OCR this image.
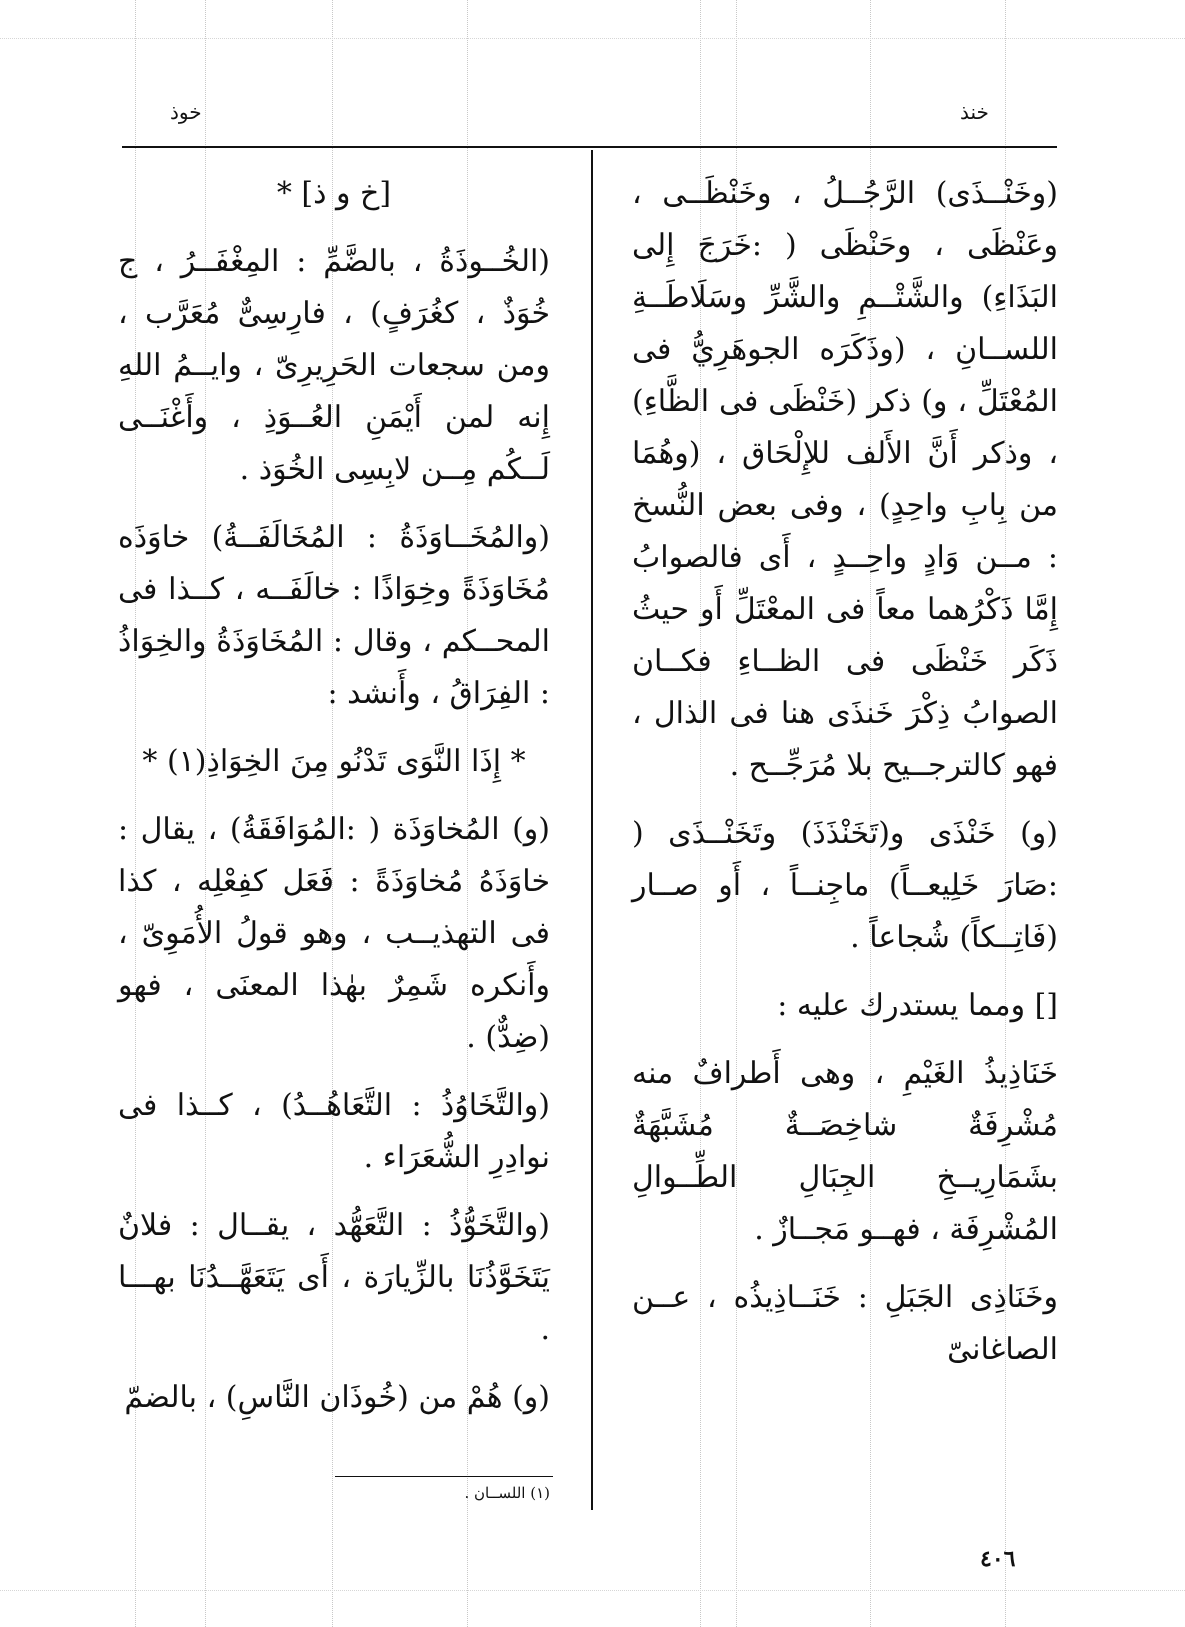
خنذ
خوذ

(وخَنْــذَى) الرَّجُــلُ ، وخَنْظَــى ، وعَنْظَى ، وحَنْظَى ( :خَرَجَ إِلى البَذَاءِ) والشَّتْــمِ والشَّرِّ وسَلَاطَــةِ اللســانِ ، (وذَكَرَه الجوهَرِيُّ فى المُعْتَلِّ ، و) ذكر (خَنْظَى فى الظَّاءِ) ، وذكر أَنَّ الأَلف للإِلْحَاق ، (وهُمَا من بِابِ واحِدٍ) ، وفى بعض النُّسخ : مــن وَادٍ واحِــدٍ ، أَى فالصوابُ إِمَّا ذَكْرُهما معاً فى المعْتَلِّ أَو حيثُ ذَكَر خَنْظَى فى الظــاءِ فكــان الصوابُ ذِكْرَ خَنذَى هنا فى الذال ، فهو كالترجــيح بلا مُرَجِّــح .

(و) خَنْذَى و(تَخَنْذَذَ) وتَخَنْــذَى ( :صَارَ خَلِيعــاً) ماجِنــاً ، أَو صــار (فَاتِــكاً) شُجاعاً .

[] ومما يستدرك عليه :

خَنَاذِيذُ الغَيْمِ ، وهى أَطرافٌ منه مُشْرِفَةٌ شاخِصَــةٌ مُشَبَّهَةٌ بشَمَارِيــخِ الجِبَالِ الطِّــوالِ المُشْرِفَة ، فهــو مَجــازٌ .

وخَنَاذِى الجَبَلِ : خَنَــاذِيذُه ، عــن الصاغانىّ

[خ و ذ] *

(الخُــوذَةُ ، بالضَّمِّ : المِغْفَــرُ ، ج خُوَذٌ ، كغُرَفٍ) ، فارِسِىٌّ مُعَرَّب ، ومن سجعات الحَرِيرِىّ ، وايــمُ اللهِ إِنه لمن أَيْمَنِ العُــوَذِ ، وأَغْنَــى لَــكُم مِــن لابِسِى الخُوَذ .

(والمُخَــاوَذَةُ : المُخَالَفَــةُ) خاوَذَه مُخَاوَذَةً وخِوَاذًا : خالَفَــه ، كــذا فى المحــكم ، وقال : المُخَاوَذَةُ والخِوَاذُ : الفِرَاقُ ، وأَنشد :

* إِذَا النَّوَى تَدْنُو مِنَ الخِوَاذِ(١) *

(و) المُخاوَذَة ( :المُوَافَقَةُ) ، يقال : خاوَذَهُ مُخاوَذَةً : فَعَل كفِعْلِه ، كذا فى التهذيــب ، وهو قولُ الأُمَوِىّ ، وأَنكره شَمِرٌ بهٰذا المعنَى ، فهو (ضِدٌّ) .

(والتَّخَاوُذُ : التَّعَاهُــدُ) ، كــذا فى نوادِرِ الشُّعَرَاء .

(والتَّخَوُّذُ : التَّعَهُّد ، يقــال : فلانٌ يَتَخَوَّذُنَا بالزِّيارَة ، أَى يَتَعَهَّــدُنَا بهـــا .

(و) هُمْ من (خُوذَان النَّاسِ) ، بالضمّ

(١) اللســان .
٤٠٦
